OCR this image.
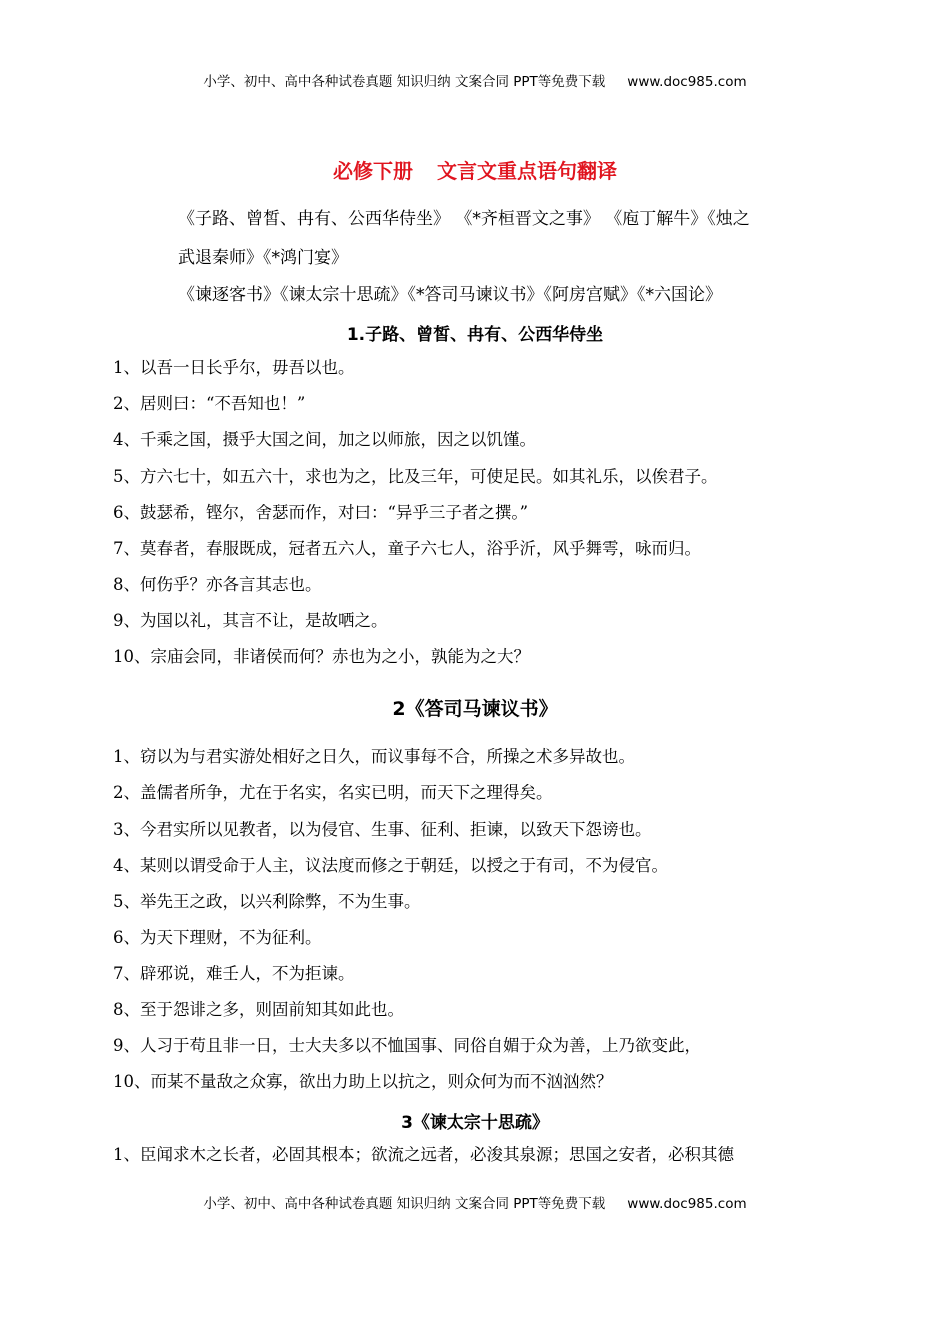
小学、初中、高中各种试卷真题 知识归纳 文案合同 PPT等免费下载 www.doc985.com
必修下册 文言文重点语句翻译
《子路、曾皙、冉有、公西华侍坐》 《*齐桓晋文之事》 《庖丁解牛》《烛之
武退秦师》《*鸿门宴》
《谏逐客书》《谏太宗十思疏》《*答司马谏议书》《阿房宫赋》《*六国论》
1.子路、曾皙、冉有、公西华侍坐
1、以吾一日长乎尔，毋吾以也。
2、居则曰：“不吾知也！”
4、千乘之国，摄乎大国之间，加之以师旅，因之以饥馑。
5、方六七十，如五六十，求也为之，比及三年，可使足民。如其礼乐，以俟君子。
6、鼓瑟希，铿尔，舍瑟而作，对曰：“异乎三子者之撰。”
7、莫春者，春服既成，冠者五六人，童子六七人，浴乎沂，风乎舞雩，咏而归。
8、何伤乎？亦各言其志也。
9、为国以礼，其言不让，是故哂之。
10、宗庙会同，非诸侯而何？赤也为之小，孰能为之大？
2《答司马谏议书》
1、窃以为与君实游处相好之日久，而议事每不合，所操之术多异故也。
2、盖儒者所争，尤在于名实，名实已明，而天下之理得矣。
3、今君实所以见教者，以为侵官、生事、征利、拒谏，以致天下怨谤也。
4、某则以谓受命于人主，议法度而修之于朝廷，以授之于有司，不为侵官。
5、举先王之政，以兴利除弊，不为生事。
6、为天下理财，不为征利。
7、辟邪说，难壬人，不为拒谏。
8、至于怨诽之多，则固前知其如此也。
9、人习于苟且非一日，士大夫多以不恤国事、同俗自媚于众为善，上乃欲变此，
10、而某不量敌之众寡，欲出力助上以抗之，则众何为而不汹汹然？
3《谏太宗十思疏》
1、臣闻求木之长者，必固其根本；欲流之远者，必浚其泉源；思国之安者，必积其德
小学、初中、高中各种试卷真题 知识归纳 文案合同 PPT等免费下载 www.doc985.com
